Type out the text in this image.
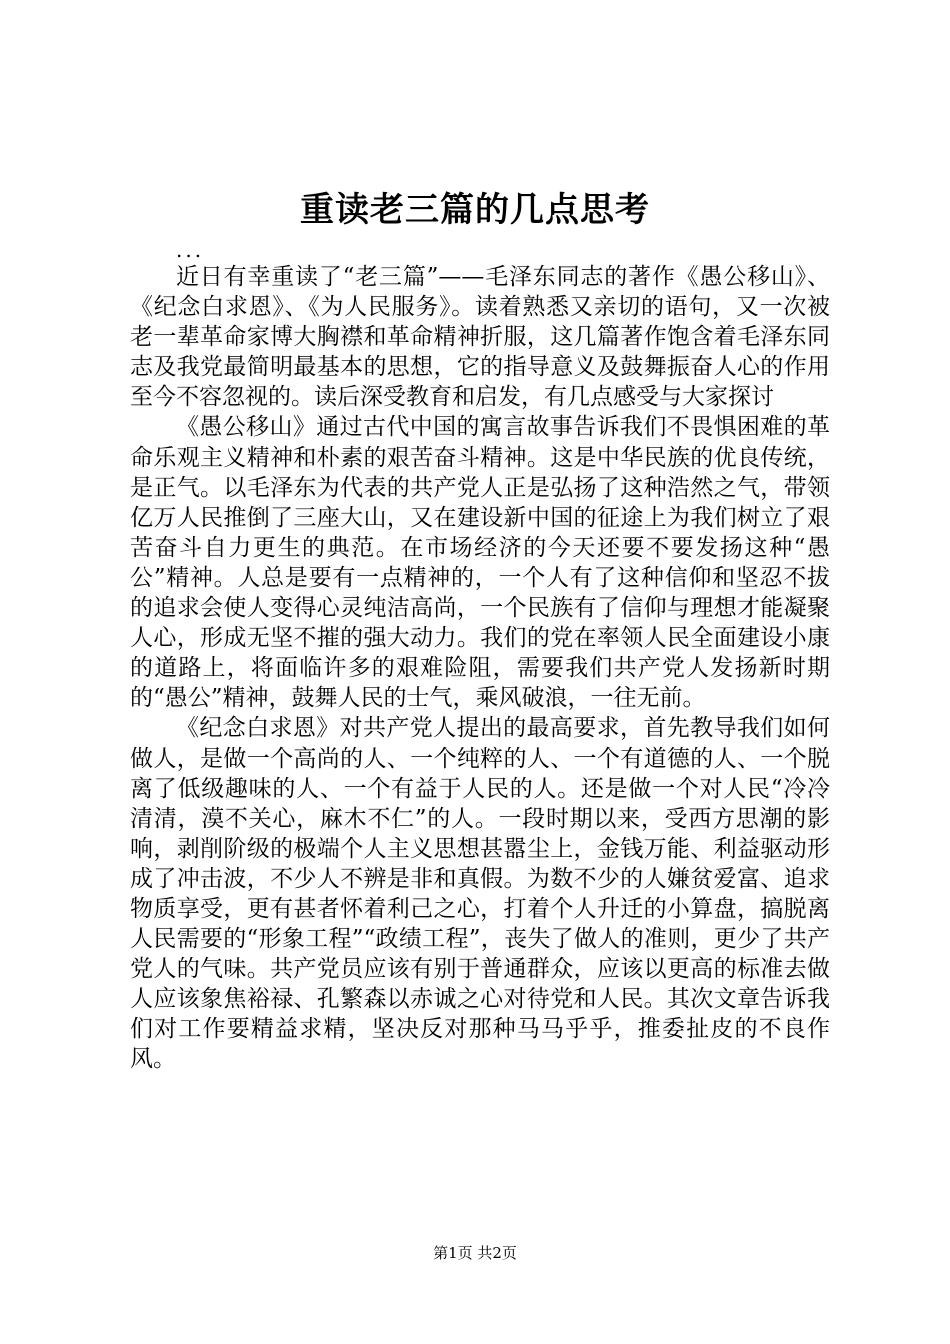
重读老三篇的几点思考
...

近日有幸重读了“老三篇”——毛泽东同志的著作《愚公移山》、《纪念白求恩》、《为人民服务》。读着熟悉又亲切的语句，又一次被老一辈革命家博大胸襟和革命精神折服，这几篇著作饱含着毛泽东同志及我党最简明最基本的思想，它的指导意义及鼓舞振奋人心的作用至今不容忽视的。读后深受教育和启发，有几点感受与大家探讨

《愚公移山》通过古代中国的寓言故事告诉我们不畏惧困难的革命乐观主义精神和朴素的艰苦奋斗精神。这是中华民族的优良传统，是正气。以毛泽东为代表的共产党人正是弘扬了这种浩然之气，带领亿万人民推倒了三座大山，又在建设新中国的征途上为我们树立了艰苦奋斗自力更生的典范。在市场经济的今天还要不要发扬这种“愚公”精神。人总是要有一点精神的，一个人有了这种信仰和坚忍不拔的追求会使人变得心灵纯洁高尚，一个民族有了信仰与理想才能凝聚人心，形成无坚不摧的强大动力。我们的党在率领人民全面建设小康的道路上，将面临许多的艰难险阻，需要我们共产党人发扬新时期的“愚公”精神，鼓舞人民的士气，乘风破浪，一往无前。

《纪念白求恩》对共产党人提出的最高要求，首先教导我们如何做人，是做一个高尚的人、一个纯粹的人、一个有道德的人、一个脱离了低级趣味的人、一个有益于人民的人。还是做一个对人民“冷冷清清，漠不关心，麻木不仁”的人。一段时期以来，受西方思潮的影响，剥削阶级的极端个人主义思想甚嚣尘上，金钱万能、利益驱动形成了冲击波，不少人不辨是非和真假。为数不少的人嫌贫爱富、追求物质享受，更有甚者怀着利己之心，打着个人升迁的小算盘，搞脱离人民需要的“形象工程”“政绩工程”，丧失了做人的准则，更少了共产党人的气味。共产党员应该有别于普通群众，应该以更高的标准去做人应该象焦裕禄、孔繁森以赤诚之心对待党和人民。其次文章告诉我们对工作要精益求精，坚决反对那种马马乎乎，推委扯皮的不良作风。

第1页 共2页
